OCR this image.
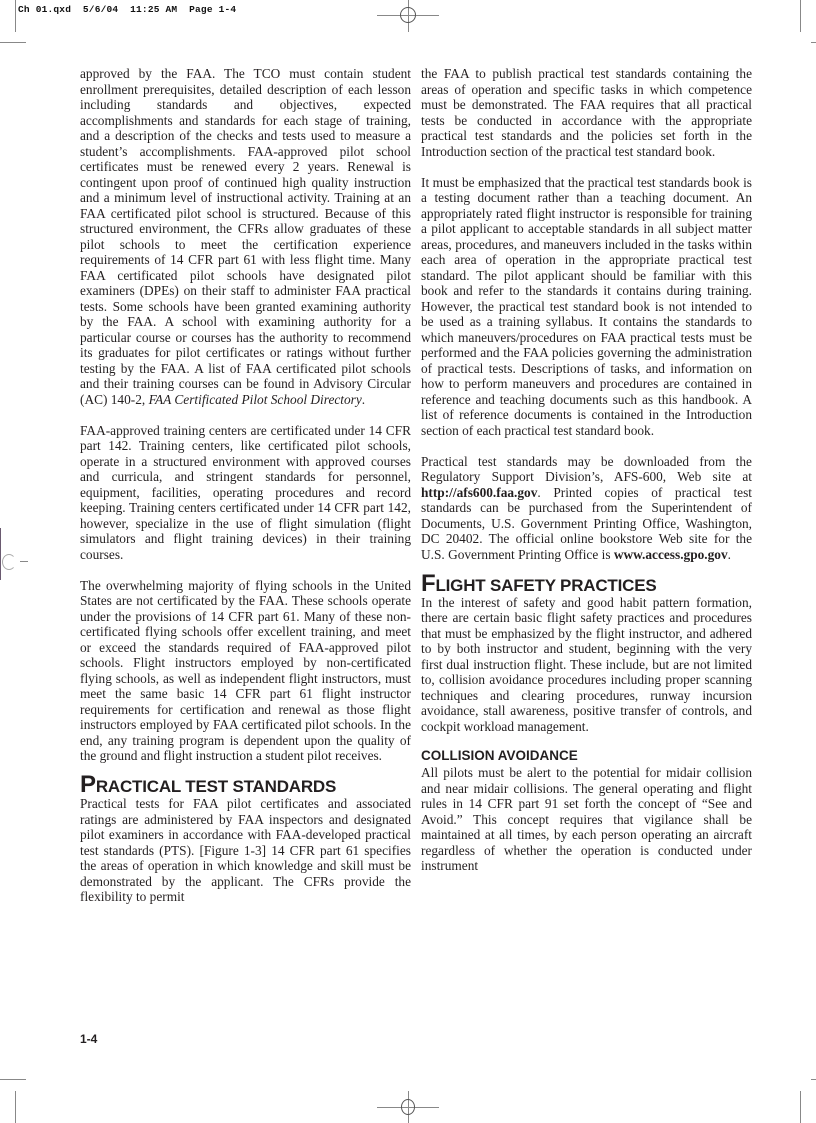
Ch 01.qxd  5/6/04  11:25 AM  Page 1-4

approved by the FAA. The TCO must contain student enrollment prerequisites, detailed description of each lesson including standards and objectives, expected accomplishments and standards for each stage of training, and a description of the checks and tests used to measure a student’s accomplishments. FAA-approved pilot school certificates must be renewed every 2 years. Renewal is contingent upon proof of continued high quality instruction and a minimum level of instructional activity. Training at an FAA certificated pilot school is structured. Because of this structured environment, the CFRs allow graduates of these pilot schools to meet the certification experience requirements of 14 CFR part 61 with less flight time. Many FAA certificated pilot schools have designated pilot examiners (DPEs) on their staff to administer FAA practical tests. Some schools have been granted examining authority by the FAA. A school with examining authority for a particular course or courses has the authority to recommend its graduates for pilot certificates or ratings without further testing by the FAA. A list of FAA certificated pilot schools and their training courses can be found in Advisory Circular (AC) 140-2, FAA Certificated Pilot School Directory.

FAA-approved training centers are certificated under 14 CFR part 142. Training centers, like certificated pilot schools, operate in a structured environment with approved courses and curricula, and stringent standards for personnel, equipment, facilities, operating procedures and record keeping. Training centers certificated under 14 CFR part 142, however, specialize in the use of flight simulation (flight simulators and flight training devices) in their training courses.

The overwhelming majority of flying schools in the United States are not certificated by the FAA. These schools operate under the provisions of 14 CFR part 61. Many of these non-certificated flying schools offer excellent training, and meet or exceed the standards required of FAA-approved pilot schools. Flight instructors employed by non-certificated flying schools, as well as independent flight instructors, must meet the same basic 14 CFR part 61 flight instructor requirements for certification and renewal as those flight instructors employed by FAA certificated pilot schools. In the end, any training program is dependent upon the quality of the ground and flight instruction a student pilot receives.

PRACTICAL TEST STANDARDS

Practical tests for FAA pilot certificates and associated ratings are administered by FAA inspectors and designated pilot examiners in accordance with FAA-developed practical test standards (PTS). [Figure 1-3] 14 CFR part 61 specifies the areas of operation in which knowledge and skill must be demonstrated by the applicant. The CFRs provide the flexibility to permit

the FAA to publish practical test standards containing the areas of operation and specific tasks in which competence must be demonstrated. The FAA requires that all practical tests be conducted in accordance with the appropriate practical test standards and the policies set forth in the Introduction section of the practical test standard book.

It must be emphasized that the practical test standards book is a testing document rather than a teaching document. An appropriately rated flight instructor is responsible for training a pilot applicant to acceptable standards in all subject matter areas, procedures, and maneuvers included in the tasks within each area of operation in the appropriate practical test standard. The pilot applicant should be familiar with this book and refer to the standards it contains during training. However, the practical test standard book is not intended to be used as a training syllabus. It contains the standards to which maneuvers/procedures on FAA practical tests must be performed and the FAA policies governing the administration of practical tests. Descriptions of tasks, and information on how to perform maneuvers and procedures are contained in reference and teaching documents such as this handbook. A list of reference documents is contained in the Introduction section of each practical test standard book.

Practical test standards may be downloaded from the Regulatory Support Division’s, AFS-600, Web site at http://afs600.faa.gov. Printed copies of practical test standards can be purchased from the Superintendent of Documents, U.S. Government Printing Office, Washington, DC 20402. The official online bookstore Web site for the U.S. Government Printing Office is www.access.gpo.gov.

FLIGHT SAFETY PRACTICES

In the interest of safety and good habit pattern formation, there are certain basic flight safety practices and procedures that must be emphasized by the flight instructor, and adhered to by both instructor and student, beginning with the very first dual instruction flight. These include, but are not limited to, collision avoidance procedures including proper scanning techniques and clearing procedures, runway incursion avoidance, stall awareness, positive transfer of controls, and cockpit workload management.

COLLISION AVOIDANCE

All pilots must be alert to the potential for midair collision and near midair collisions. The general operating and flight rules in 14 CFR part 91 set forth the concept of “See and Avoid.” This concept requires that vigilance shall be maintained at all times, by each person operating an aircraft regardless of whether the operation is conducted under instrument

1-4
